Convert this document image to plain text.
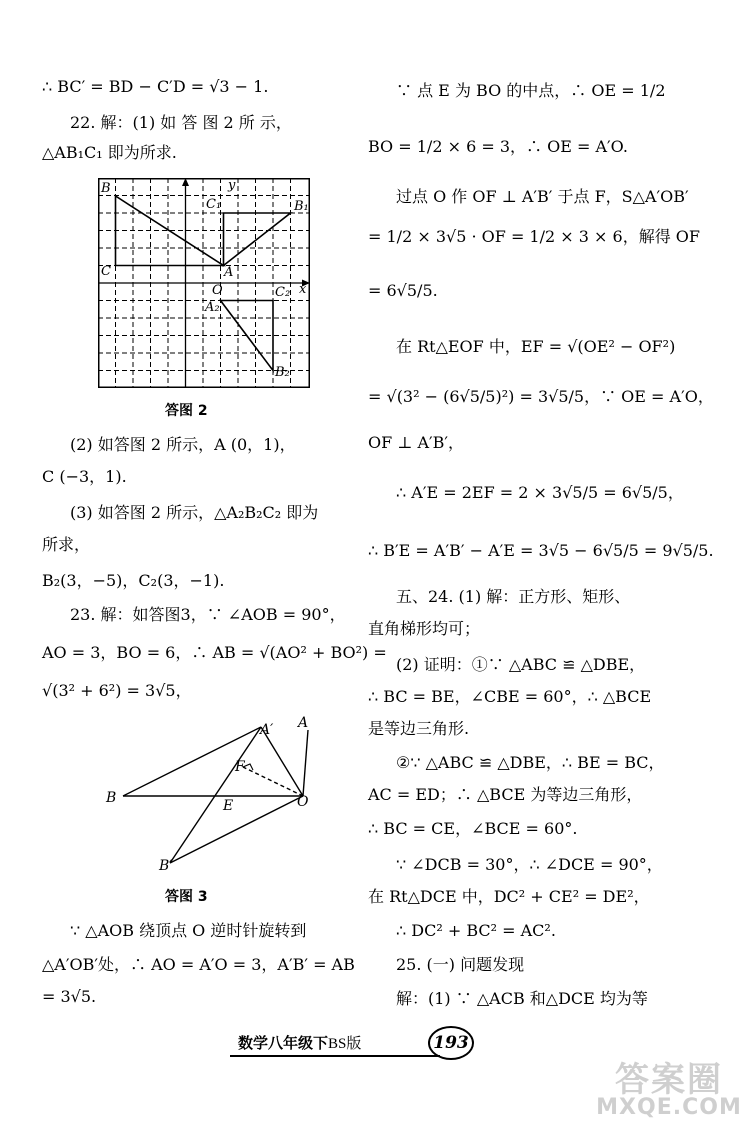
∴ BC′ = BD − C′D = √3 − 1.
22. 解：(1) 如 答 图 2 所 示，
△AB₁C₁ 即为所求.
B
C₁	B₁
C	A
O
y
x
A₂
C₂
B₂
答图 2
(2) 如答图 2 所示，A (0，1)，
C (−3，1).
(3) 如答图 2 所示，△A₂B₂C₂ 即为
所求，
B₂(3，−5)，C₂(3，−1).
23. 解：如答图3，∵ ∠AOB = 90°，
AO = 3，BO = 6，∴ AB = √(AO² + BO²) =
√(3² + 6²) = 3√5，
A
A′
F
B	E	O
B′
答图 3
∵ △AOB 绕顶点 O 逆时针旋转到
△A′OB′处，∴ AO = A′O = 3，A′B′ = AB
= 3√5.
∵ 点 E 为 BO 的中点，∴ OE = 1/2
BO = 1/2 × 6 = 3，∴ OE = A′O.
过点 O 作 OF ⊥ A′B′ 于点 F，S△A′OB′
= 1/2 × 3√5 · OF = 1/2 × 3 × 6，解得 OF
= 6√5/5.
在 Rt△EOF 中，EF = √(OE² − OF²)
= √(3² − (6√5/5)²) = 3√5/5，∵ OE = A′O，
OF ⊥ A′B′，
∴ A′E = 2EF = 2 × 3√5/5 = 6√5/5，
∴ B′E = A′B′ − A′E = 3√5 − 6√5/5 = 9√5/5.
五、24. (1) 解：正方形、矩形、
直角梯形均可；
(2) 证明：①∵ △ABC ≌ △DBE，
∴ BC = BE，∠CBE = 60°，∴ △BCE
是等边三角形.
②∵ △ABC ≌ △DBE，∴ BE = BC，
AC = ED；∴ △BCE 为等边三角形，
∴ BC = CE，∠BCE = 60°.
∵ ∠DCB = 30°，∴ ∠DCE = 90°，
在 Rt△DCE 中，DC² + CE² = DE²，
∴ DC² + BC² = AC².
25. (一) 问题发现
解：(1) ∵ △ACB 和△DCE 均为等
数学八年级下BS版	193
答案圈
MXQE.COM
